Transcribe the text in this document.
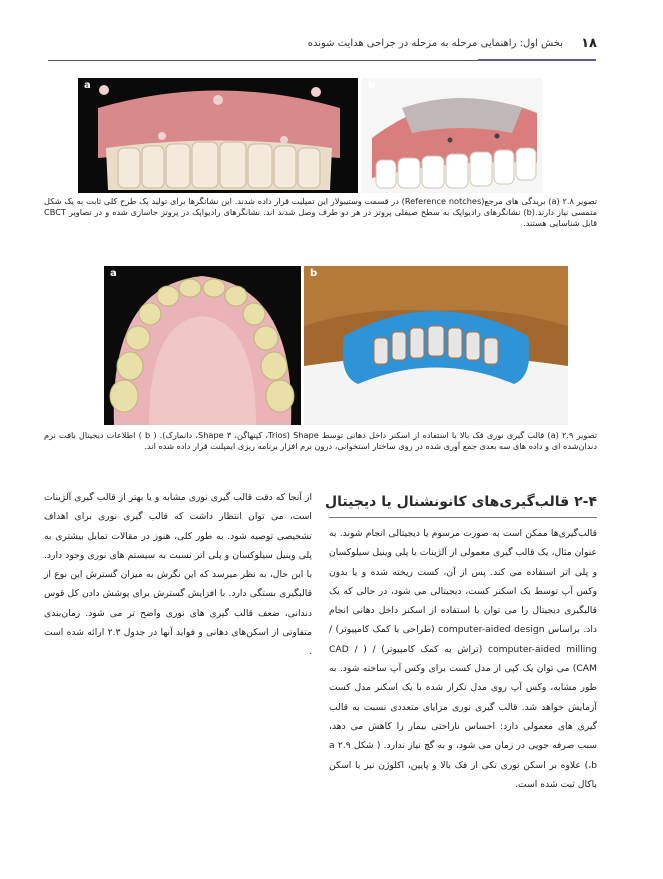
۱۸
بخش اول: راهنمایی مرحله به مرحله در جراحی هدایت شونده
a	b
تصویر ۲.۸ (a) بریدگی های مرجع(Reference notches) در قسمت وستیبولار این تمپلیت قرار داده شدند. این نشانگرها برای تولید یک طرح کلی ثابت به یک شکل متمسی نیاز دارند.(b) نشانگرهای رادیواپک به سطح صیقلی پروتز در هر دو طرف وصل شدند اند. نشانگرهای رادیواپک در پروتز جاسازی شده و در تصاویر CBCT قابل شناسایی هستند.
a	b
تصویر ۲.۹ (a) قالب گیری نوری فک بالا با استفاده از اسکنر داخل دهانی توسط Shape (Trios، کپنهاگن، Shape ۳، دانمارک). ( b ) اطلاعات دیجیتال بافت نرم دندان‌شده ای و داده های سه بعدی جمع آوری شده در روی ساختار استخوانی، درون نرم افزار برنامه ریزی ایمپلنت قرار داده شده اند.
۲-۴ قالب‌گیری‌های کانونشنال یا دیجیتال
قالب‌گیری‌ها ممکن است به صورت مرسوم یا دیجیتالی انجام شوند. به عنوان مثال، یک قالب گیری معمولی از آلژینات یا پلی وینیل سیلوکسان و پلی اتر استفاده می کند. پس از آن، کست ریخته شده و یا بدون وکس آپ توسط یک اسکنر کست، دیجیتالی می شود، در حالی که یک قالبگیری دیجیتال را می توان با استفاده از اسکنر داخل دهانی انجام داد. براساس computer-aided design (طراحی با کمک کامپیوتر) / computer-aided milling (تراش به کمک کامپیوتر) / ( CAD / CAM) می توان یک کپی از مدل کست برای وکس آپ ساخته شود. به طور مشابه، وکس آپ روی مدل تکرار شده با یک اسکنر مدل کست آزمایش خواهد شد. قالب گیری نوری مزایای متعددی نسبت به قالب گیری های معمولی دارد: احساس ناراحتی بیمار را کاهش می دهد، سبب صرفه جویی در زمان می شود، و به گچ نیاز ندارد. ( شکل ۲.۹ a ،b) علاوه بر اسکن نوری تکی از فک بالا و پایین، اکلوژن نیز با اسکن باکال ثبت شده است.
از آنجا که دقت قالب گیری نوری مشابه و یا بهتر از قالب گیری آلژینات است، می توان انتظار داشت که قالب گیری نوری برای اهداف تشخیصی توصیه شود. به طور کلی، هنوز در مقالات تمایل بیشتری به پلی وینیل سیلوکسان و پلی اتر نسبت به سیستم های نوری وجود دارد. با این حال، به نظر میرسد که این نگرش به میزان گسترش این نوع از قالبگیری بستگی دارد. با افزایش گسترش برای پوشش دادن کل قوس دندانی، ضعف قالب گیری های نوری واضح تر می شود. زمان‌بندی متفاوتی از اسکن‌های دهانی و فواید آنها در جدول ۲.۳ ارائه شده است .
